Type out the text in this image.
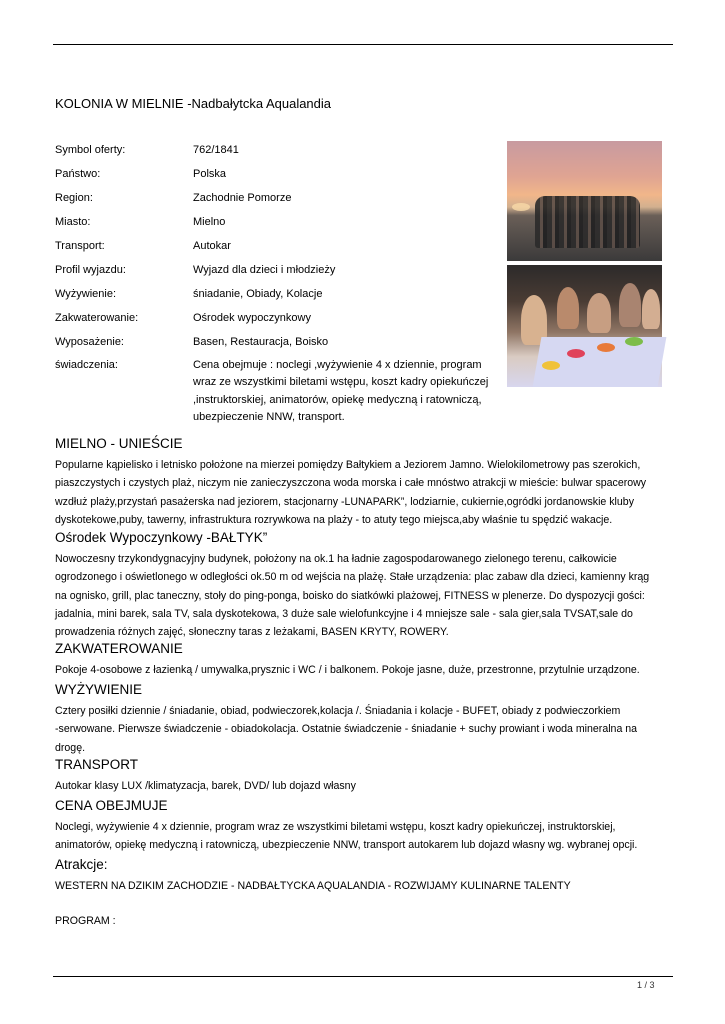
KOLONIA W MIELNIE -Nadbałytcka Aqualandia
Symbol oferty:	762/1841
Państwo:	Polska
Region:	Zachodnie Pomorze
Miasto:	Mielno
Transport:	Autokar
Profil wyjazdu:	Wyjazd dla dzieci i młodzieży
Wyżywienie:	śniadanie, Obiady, Kolacje
Zakwaterowanie:	Ośrodek wypoczynkowy
Wyposażenie:	Basen, Restauracja, Boisko
świadczenia:	Cena obejmuje : noclegi ,wyżywienie 4 x dziennie, program
wraz ze wszystkimi biletami wstępu, koszt kadry opiekuńczej
,instruktorskiej, animatorów, opiekę medyczną i ratowniczą,
ubezpieczenie NNW, transport.
MIELNO - UNIEŚCIE
Popularne kąpielisko i letnisko położone na mierzei pomiędzy Bałtykiem a Jeziorem Jamno. Wielokilometrowy pas szerokich,
piaszczystych i czystych plaż, niczym nie zanieczyszczona woda morska i całe mnóstwo atrakcji w mieście: bulwar spacerowy
wzdłuż plaży,przystań pasażerska nad jeziorem, stacjonarny -LUNAPARK”, lodziarnie, cukiernie,ogródki jordanowskie kluby
dyskotekowe,puby, tawerny, infrastruktura rozrywkowa na plaży - to atuty tego miejsca,aby właśnie tu spędzić wakacje.
Ośrodek Wypoczynkowy -BAŁTYK”
Nowoczesny trzykondygnacyjny budynek, położony na ok.1 ha ładnie zagospodarowanego zielonego terenu, całkowicie
ogrodzonego i oświetlonego w odległości ok.50 m od wejścia na plażę. Stałe urządzenia: plac zabaw dla dzieci, kamienny krąg
na ognisko, grill, plac taneczny, stoły do ping-ponga, boisko do siatkówki plażowej, FITNESS w plenerze. Do dyspozycji gości:
jadalnia, mini barek, sala TV, sala dyskotekowa, 3 duże sale wielofunkcyjne i 4 mniejsze sale - sala gier,sala TVSAT,sale do
prowadzenia różnych zajęć, słoneczny taras z leżakami, BASEN KRYTY, ROWERY.
ZAKWATEROWANIE
Pokoje 4-osobowe z łazienką / umywalka,prysznic i WC / i balkonem. Pokoje jasne, duże, przestronne, przytulnie urządzone.
WYŻYWIENIE
Cztery posiłki dziennie / śniadanie, obiad, podwieczorek,kolacja /. Śniadania i kolacje - BUFET, obiady z podwieczorkiem
-serwowane. Pierwsze świadczenie - obiadokolacja. Ostatnie świadczenie - śniadanie + suchy prowiant i woda mineralna na
drogę.
TRANSPORT
Autokar klasy LUX /klimatyzacja, barek, DVD/ lub dojazd własny
CENA OBEJMUJE
Noclegi, wyżywienie 4 x dziennie, program wraz ze wszystkimi biletami wstępu, koszt kadry opiekuńczej, instruktorskiej,
animatorów, opiekę medyczną i ratowniczą, ubezpieczenie NNW, transport autokarem lub dojazd własny wg. wybranej opcji.
Atrakcje:
WESTERN NA DZIKIM ZACHODZIE - NADBAŁTYCKA AQUALANDIA - ROZWIJAMY KULINARNE TALENTY
PROGRAM :
1 / 3
